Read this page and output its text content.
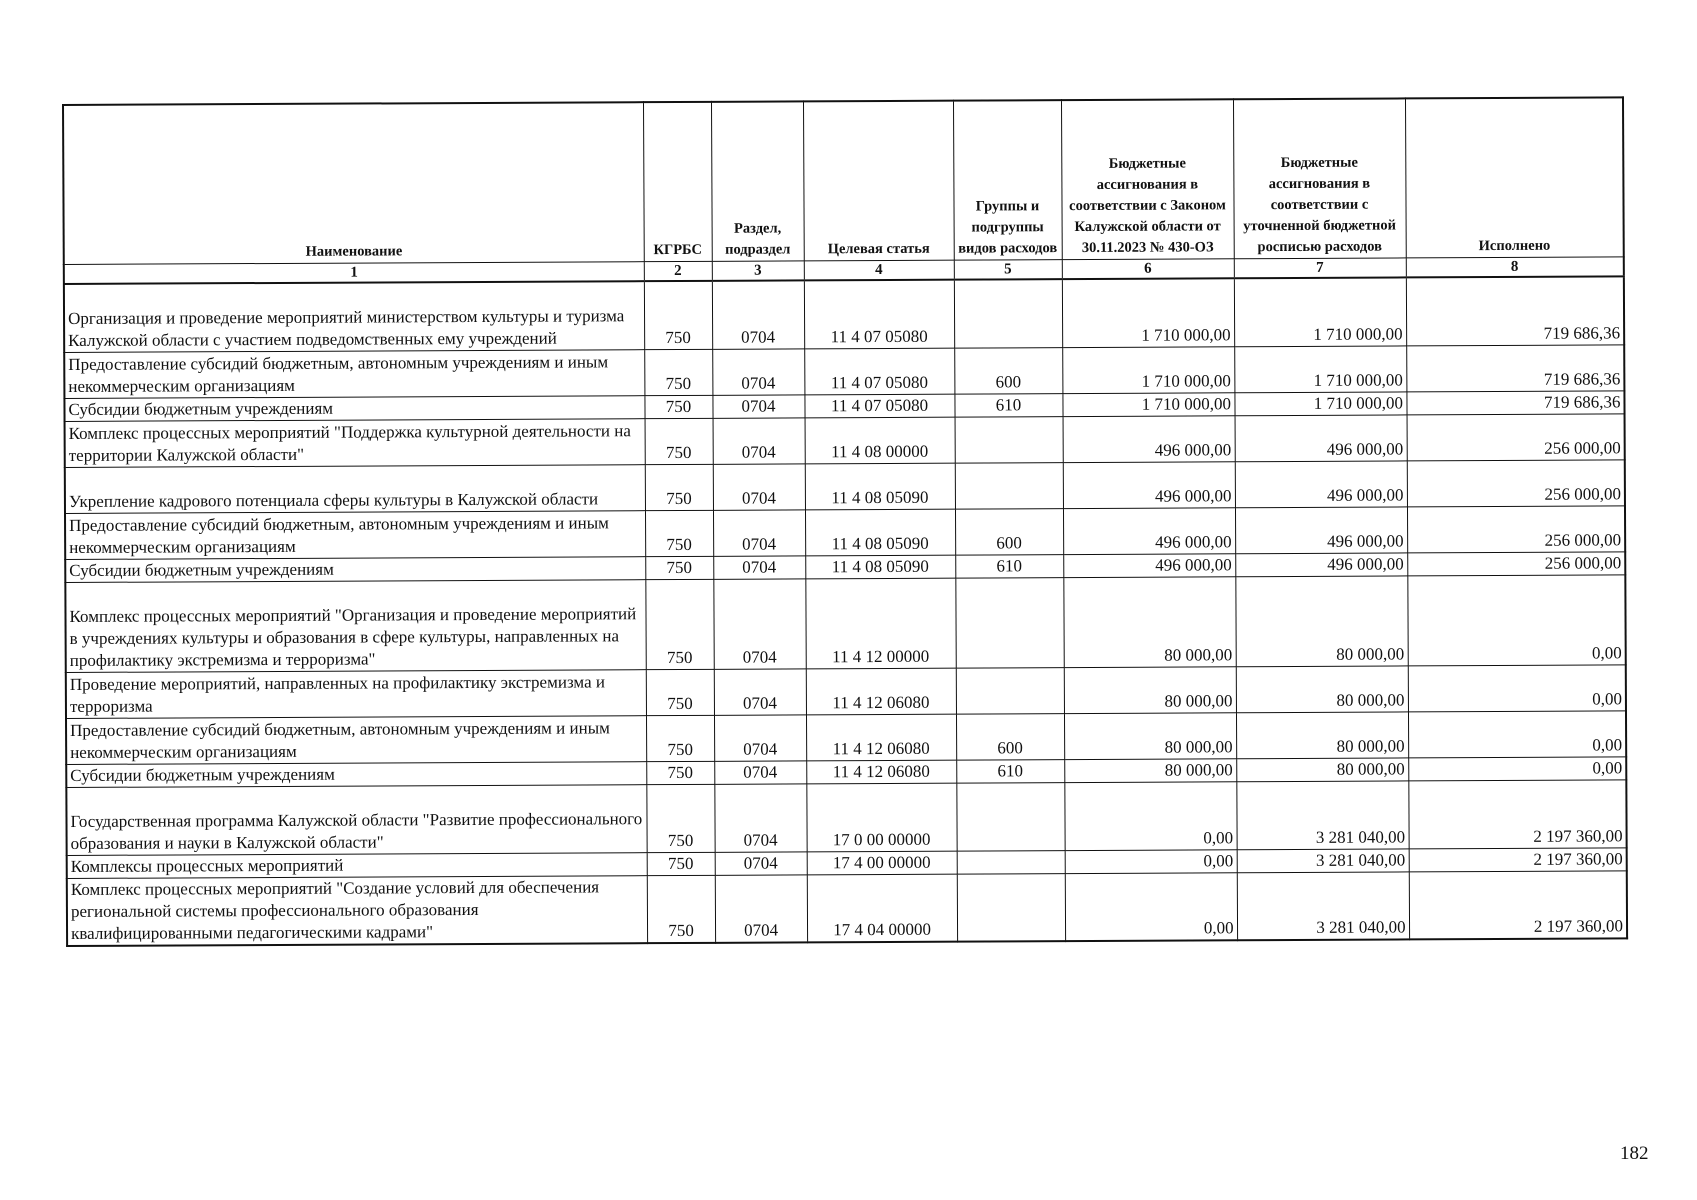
Наименование	КГРБС	Раздел, подраздел	Целевая статья	Группы и подгруппы видов расходов	Бюджетные ассигнования в соответствии с Законом Калужской области от 30.11.2023 № 430-ОЗ	Бюджетные ассигнования в соответствии с уточненной бюджетной росписью расходов	Исполнено
1	2	3	4	5	6	7	8
Организация и проведение мероприятий министерством культуры и туризма Калужской области с участием подведомственных ему учреждений	750	0704	11 4 07 05080		1 710 000,00	1 710 000,00	719 686,36
Предоставление субсидий бюджетным, автономным учреждениям и иным некоммерческим организациям	750	0704	11 4 07 05080	600	1 710 000,00	1 710 000,00	719 686,36
Субсидии бюджетным учреждениям	750	0704	11 4 07 05080	610	1 710 000,00	1 710 000,00	719 686,36
Комплекс процессных мероприятий "Поддержка культурной деятельности на территории Калужской области"	750	0704	11 4 08 00000		496 000,00	496 000,00	256 000,00
Укрепление кадрового потенциала сферы культуры в Калужской области	750	0704	11 4 08 05090		496 000,00	496 000,00	256 000,00
Предоставление субсидий бюджетным, автономным учреждениям и иным некоммерческим организациям	750	0704	11 4 08 05090	600	496 000,00	496 000,00	256 000,00
Субсидии бюджетным учреждениям	750	0704	11 4 08 05090	610	496 000,00	496 000,00	256 000,00
Комплекс процессных мероприятий "Организация и проведение мероприятий в учреждениях культуры и образования в сфере культуры, направленных на профилактику экстремизма и терроризма"	750	0704	11 4 12 00000		80 000,00	80 000,00	0,00
Проведение мероприятий, направленных на профилактику экстремизма и терроризма	750	0704	11 4 12 06080		80 000,00	80 000,00	0,00
Предоставление субсидий бюджетным, автономным учреждениям и иным некоммерческим организациям	750	0704	11 4 12 06080	600	80 000,00	80 000,00	0,00
Субсидии бюджетным учреждениям	750	0704	11 4 12 06080	610	80 000,00	80 000,00	0,00
Государственная программа Калужской области "Развитие профессионального образования и науки в Калужской области"	750	0704	17 0 00 00000		0,00	3 281 040,00	2 197 360,00
Комплексы процессных мероприятий	750	0704	17 4 00 00000		0,00	3 281 040,00	2 197 360,00
Комплекс процессных мероприятий "Создание условий для обеспечения региональной системы профессионального образования квалифицированными педагогическими кадрами"	750	0704	17 4 04 00000		0,00	3 281 040,00	2 197 360,00
182
